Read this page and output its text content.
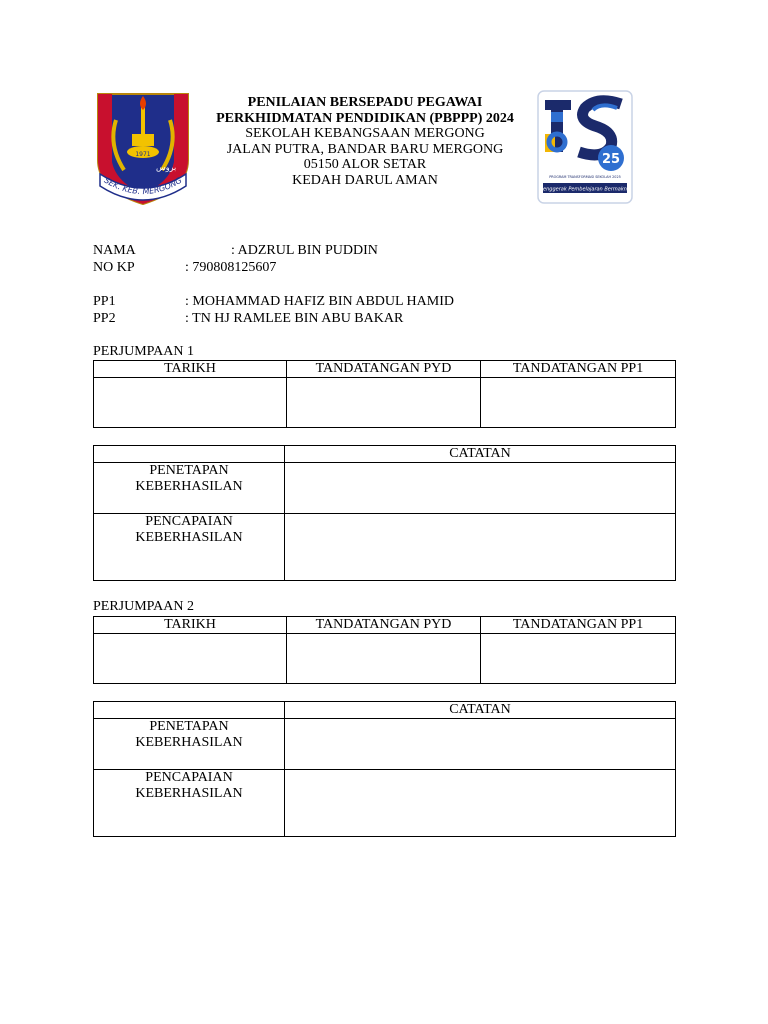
1971
بروس
SEK. KEB. MERGONG
PENILAIAN BERSEPADU PEGAWAI
PERKHIDMATAN PENDIDIKAN (PBPPP) 2024
SEKOLAH KEBANGSAAN MERGONG
JALAN PUTRA, BANDAR BARU MERGONG
05150 ALOR SETAR
KEDAH DARUL AMAN
25
PROGRAM TRANSFORMASI SEKOLAH 2025
Penggerak Pembelajaran Bermakna
NAMA	: ADZRUL BIN PUDDIN
NO KP	: 790808125607
PP1	: MOHAMMAD HAFIZ BIN ABDUL HAMID
PP2	: TN HJ RAMLEE BIN ABU BAKAR
PERJUMPAAN 1
TARIKH	TANDATANGAN PYD	TANDATANGAN PP1

	CATATAN
PENETAPAN KEBERHASILAN	
PENCAPAIAN KEBERHASILAN	
PERJUMPAAN 2
TARIKH	TANDATANGAN PYD	TANDATANGAN PP1

	CATATAN
PENETAPAN KEBERHASILAN	
PENCAPAIAN KEBERHASILAN	
